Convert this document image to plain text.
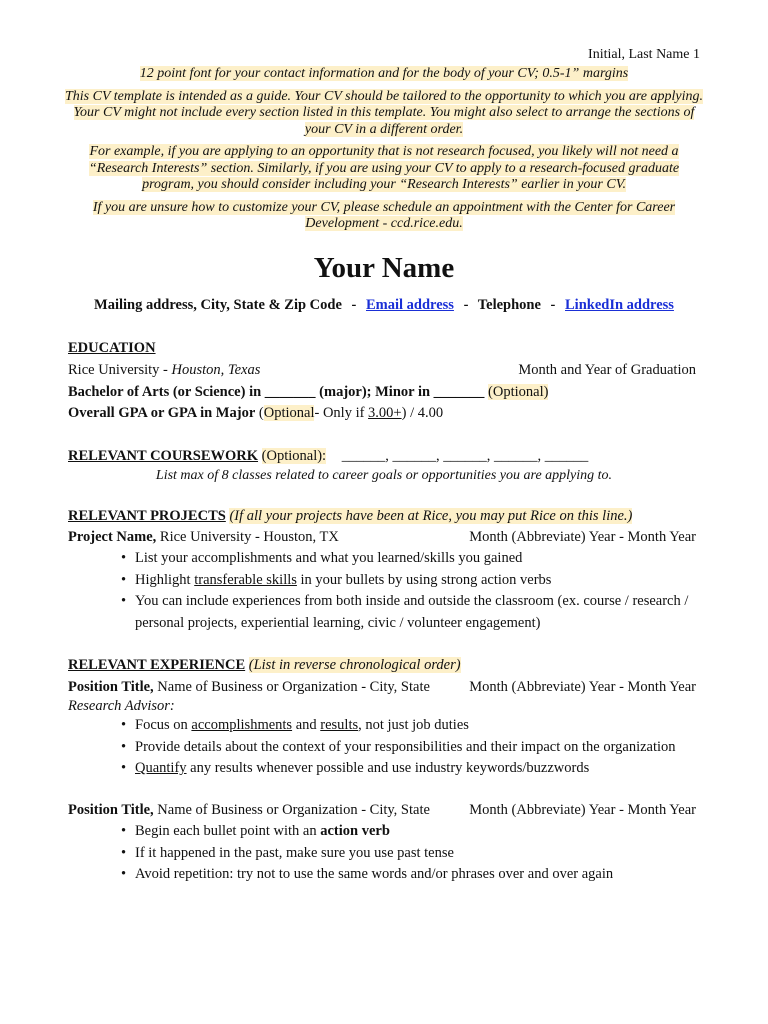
Initial, Last Name 1

12 point font for your contact information and for the body of your CV; 0.5-1” margins

This CV template is intended as a guide. Your CV should be tailored to the opportunity to which you are applying. Your CV might not include every section listed in this template. You might also select to arrange the sections of your CV in a different order.

For example, if you are applying to an opportunity that is not research focused, you likely will not need a “Research Interests” section. Similarly, if you are using your CV to apply to a research-focused graduate program, you should consider including your “Research Interests” earlier in your CV.

If you are unsure how to customize your CV, please schedule an appointment with the Center for Career Development - ccd.rice.edu.

Your Name
Mailing address, City, State & Zip Code - Email address - Telephone - LinkedIn address
EDUCATION
Rice University - Houston, Texas	Month and Year of Graduation
Bachelor of Arts (or Science) in _______ (major); Minor in _______ (Optional)
Overall GPA or GPA in Major (Optional- Only if 3.00+) / 4.00
RELEVANT COURSEWORK (Optional): ______, ______, ______, ______, ______
List max of 8 classes related to career goals or opportunities you are applying to.
RELEVANT PROJECTS (If all your projects have been at Rice, you may put Rice on this line.)
Project Name, Rice University - Houston, TX	Month (Abbreviate) Year - Month Year
• List your accomplishments and what you learned/skills you gained
• Highlight transferable skills in your bullets by using strong action verbs
• You can include experiences from both inside and outside the classroom (ex. course / research / personal projects, experiential learning, civic / volunteer engagement)
RELEVANT EXPERIENCE (List in reverse chronological order)
Position Title, Name of Business or Organization - City, State	Month (Abbreviate) Year - Month Year
Research Advisor:
• Focus on accomplishments and results, not just job duties
• Provide details about the context of your responsibilities and their impact on the organization
• Quantify any results whenever possible and use industry keywords/buzzwords
Position Title, Name of Business or Organization - City, State	Month (Abbreviate) Year - Month Year
• Begin each bullet point with an action verb
• If it happened in the past, make sure you use past tense
• Avoid repetition: try not to use the same words and/or phrases over and over again
